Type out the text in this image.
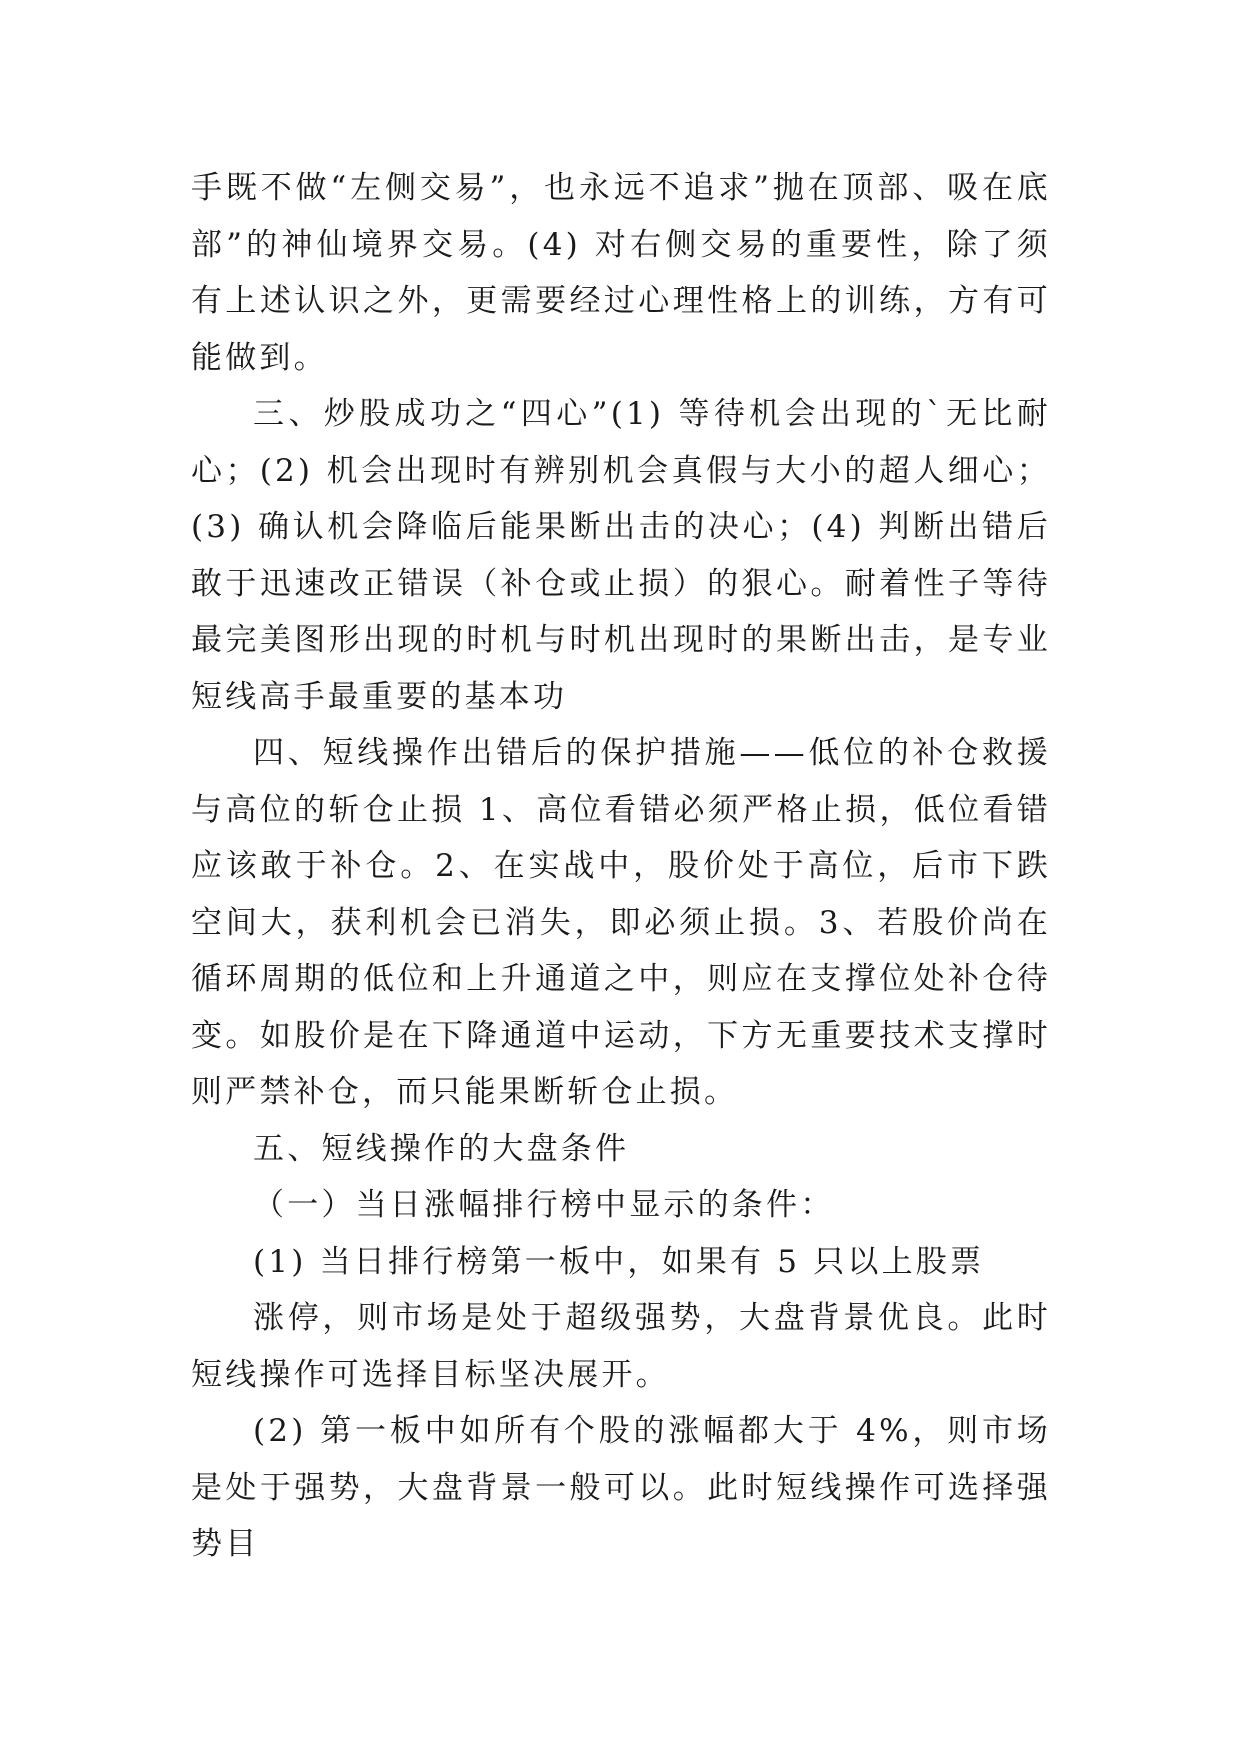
手既不做“左侧交易”，也永远不追求”抛在顶部、吸在底部”的神仙境界交易。(4) 对右侧交易的重要性，除了须有上述认识之外，更需要经过心理性格上的训练，方有可能做到。

三、炒股成功之“四心”(1) 等待机会出现的`无比耐心；(2) 机会出现时有辨别机会真假与大小的超人细心；(3) 确认机会降临后能果断出击的决心；(4) 判断出错后敢于迅速改正错误（补仓或止损）的狠心。耐着性子等待最完美图形出现的时机与时机出现时的果断出击，是专业短线高手最重要的基本功

四、短线操作出错后的保护措施——低位的补仓救援与高位的斩仓止损 1、高位看错必须严格止损，低位看错应该敢于补仓。2、在实战中，股价处于高位，后市下跌空间大，获利机会已消失，即必须止损。3、若股价尚在循环周期的低位和上升通道之中，则应在支撑位处补仓待变。如股价是在下降通道中运动，下方无重要技术支撑时则严禁补仓，而只能果断斩仓止损。

五、短线操作的大盘条件

（一）当日涨幅排行榜中显示的条件：

(1) 当日排行榜第一板中，如果有 5 只以上股票

涨停，则市场是处于超级强势，大盘背景优良。此时短线操作可选择目标坚决展开。

(2) 第一板中如所有个股的涨幅都大于 4%，则市场是处于强势，大盘背景一般可以。此时短线操作可选择强势目
